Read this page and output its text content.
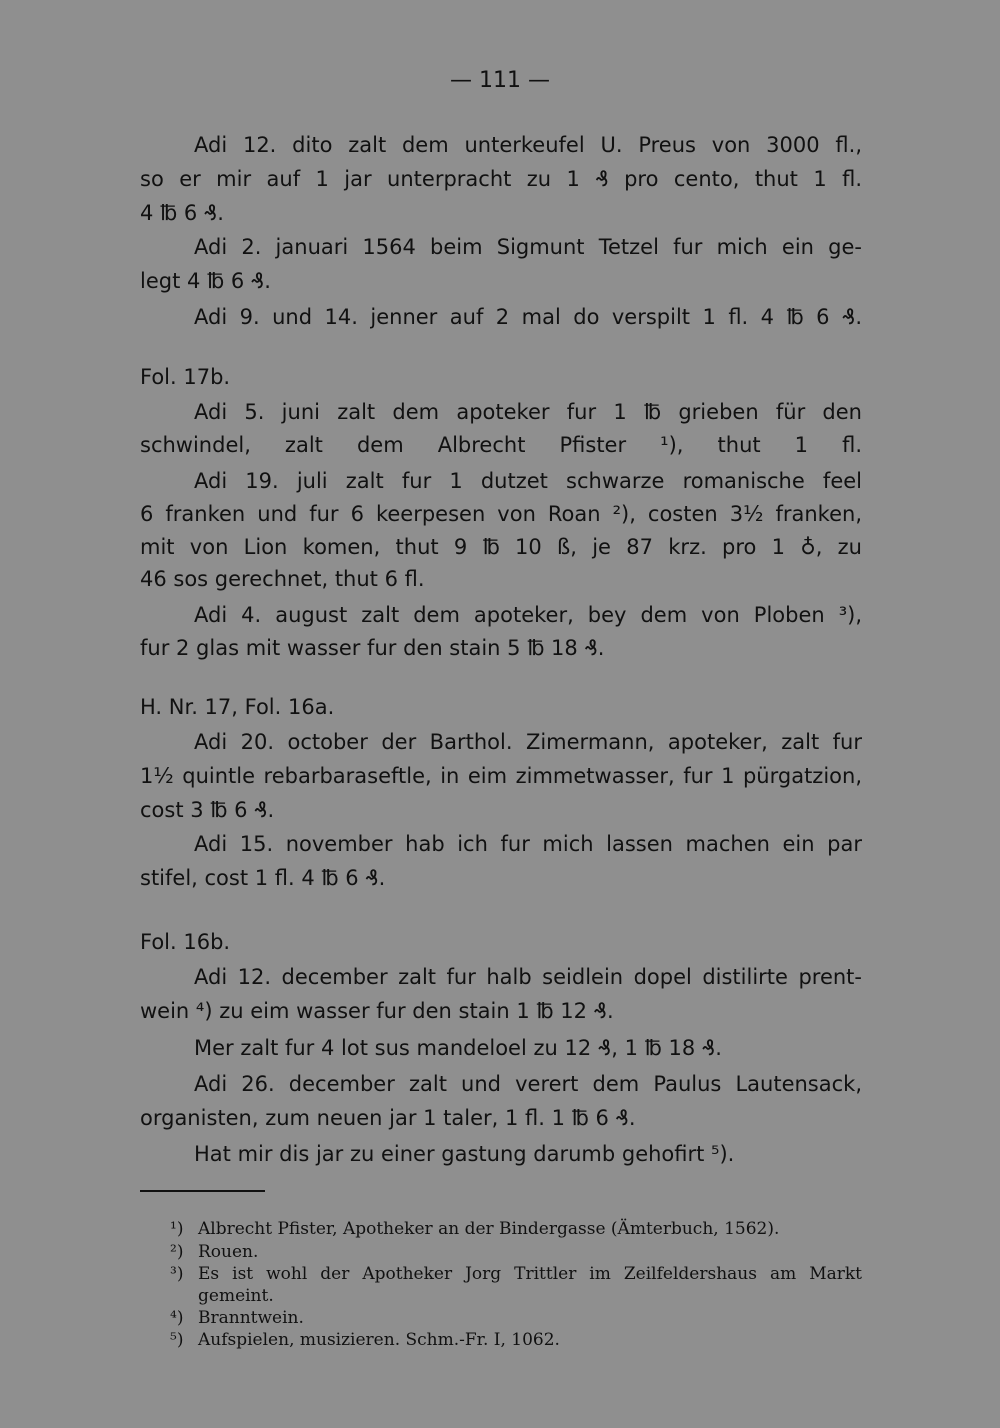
— 111 —
Adi 12. dito zalt dem unterkeufel U. Preus von 3000 fl.,
so er mir auf 1 jar unterpracht zu 1 ₰ pro cento, thut 1 fl.
4 ℔ 6 ₰.
Adi 2. januari 1564 beim Sigmunt Tetzel fur mich ein ge-
legt 4 ℔ 6 ₰.
Adi 9. und 14. jenner auf 2 mal do verspilt 1 fl. 4 ℔ 6 ₰.
Fol. 17b.
Adi 5. juni zalt dem apoteker fur 1 ℔ grieben für den
schwindel, zalt dem Albrecht Pfister ¹), thut 1 fl.
Adi 19. juli zalt fur 1 dutzet schwarze romanische feel
6 franken und fur 6 keerpesen von Roan ²), costen 3½ franken,
mit von Lion komen, thut 9 ℔ 10 ß, je 87 krz. pro 1 ♁, zu
46 sos gerechnet, thut 6 fl.
Adi 4. august zalt dem apoteker, bey dem von Ploben ³),
fur 2 glas mit wasser fur den stain 5 ℔ 18 ₰.
H. Nr. 17, Fol. 16a.
Adi 20. october der Barthol. Zimermann, apoteker, zalt fur
1½ quintle rebarbaraseftle, in eim zimmetwasser, fur 1 pürgatzion,
cost 3 ℔ 6 ₰.
Adi 15. november hab ich fur mich lassen machen ein par
stifel, cost 1 fl. 4 ℔ 6 ₰.
Fol. 16b.
Adi 12. december zalt fur halb seidlein dopel distilirte prent-
wein ⁴) zu eim wasser fur den stain 1 ℔ 12 ₰.
Mer zalt fur 4 lot sus mandeloel zu 12 ₰, 1 ℔ 18 ₰.
Adi 26. december zalt und verert dem Paulus Lautensack,
organisten, zum neuen jar 1 taler, 1 fl. 1 ℔ 6 ₰.
Hat mir dis jar zu einer gastung darumb gehofirt ⁵).
¹) Albrecht Pfister, Apotheker an der Bindergasse (Ämterbuch, 1562).
²) Rouen.
³) Es ist wohl der Apotheker Jorg Trittler im Zeilfeldershaus am Markt
gemeint.
⁴) Branntwein.
⁵) Aufspielen, musizieren. Schm.-Fr. I, 1062.
